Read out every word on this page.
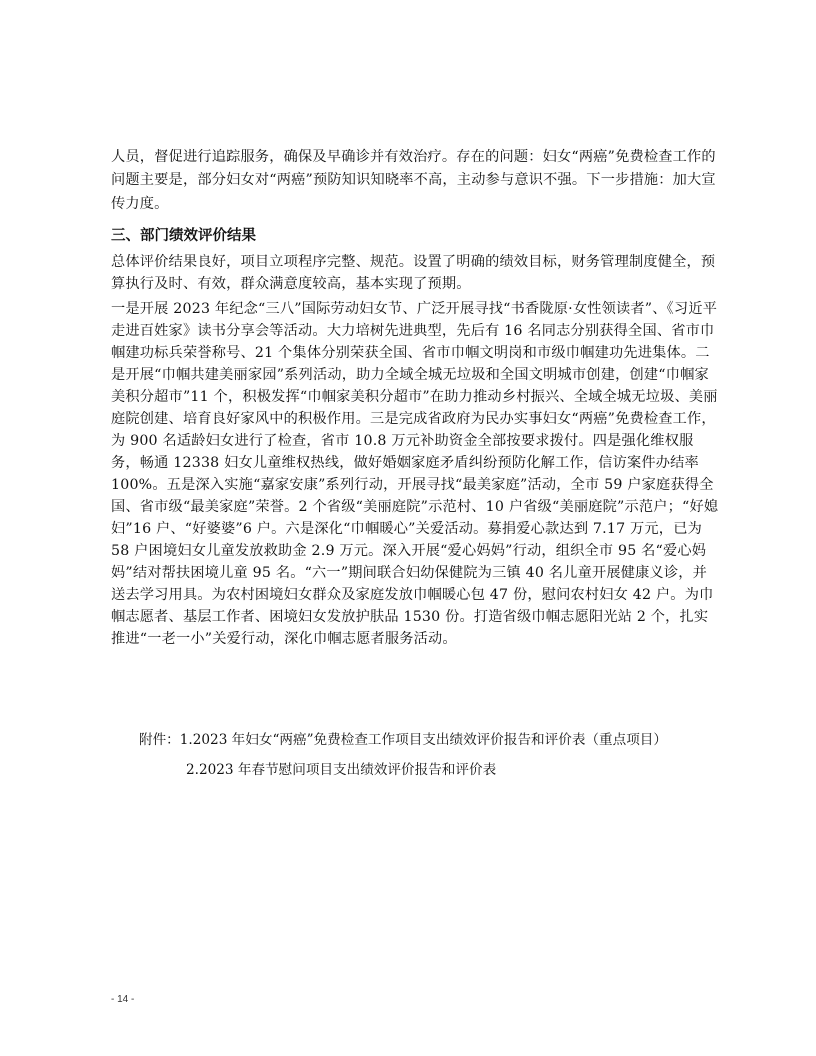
人员，督促进行追踪服务，确保及早确诊并有效治疗。存在的问题：妇女“两癌”免费检查工作的问题主要是，部分妇女对“两癌”预防知识知晓率不高，主动参与意识不强。下一步措施：加大宣传力度。

三、部门绩效评价结果

总体评价结果良好，项目立项程序完整、规范。设置了明确的绩效目标，财务管理制度健全，预算执行及时、有效，群众满意度较高，基本实现了预期。

一是开展 2023 年纪念“三八”国际劳动妇女节、广泛开展寻找“书香陇原·女性领读者”、《习近平走进百姓家》读书分享会等活动。大力培树先进典型，先后有 16 名同志分别获得全国、省市巾帼建功标兵荣誉称号、21 个集体分别荣获全国、省市巾帼文明岗和市级巾帼建功先进集体。二是开展“巾帼共建美丽家园”系列活动，助力全域全城无垃圾和全国文明城市创建，创建“巾帼家美积分超市”11 个，积极发挥“巾帼家美积分超市”在助力推动乡村振兴、全域全城无垃圾、美丽庭院创建、培育良好家风中的积极作用。三是完成省政府为民办实事妇女“两癌”免费检查工作，为 900 名适龄妇女进行了检查，省市 10.8 万元补助资金全部按要求拨付。四是强化维权服务，畅通 12338 妇女儿童维权热线，做好婚姻家庭矛盾纠纷预防化解工作，信访案件办结率 100%。五是深入实施“嘉家安康”系列行动，开展寻找“最美家庭”活动，全市 59 户家庭获得全国、省市级“最美家庭”荣誉。2 个省级“美丽庭院”示范村、10 户省级“美丽庭院”示范户；“好媳妇”16 户、“好婆婆”6 户。六是深化“巾帼暖心”关爱活动。募捐爱心款达到 7.17 万元，已为 58 户困境妇女儿童发放救助金 2.9 万元。深入开展“爱心妈妈”行动，组织全市 95 名“爱心妈妈”结对帮扶困境儿童 95 名。“六一”期间联合妇幼保健院为三镇 40 名儿童开展健康义诊，并送去学习用具。为农村困境妇女群众及家庭发放巾帼暖心包 47 份，慰问农村妇女 42 户。为巾帼志愿者、基层工作者、困境妇女发放护肤品 1530 份。打造省级巾帼志愿阳光站 2 个，扎实推进“一老一小”关爱行动，深化巾帼志愿者服务活动。

附件：1.2023 年妇女“两癌”免费检查工作项目支出绩效评价报告和评价表（重点项目）

2.2023 年春节慰问项目支出绩效评价报告和评价表

- 14 -
